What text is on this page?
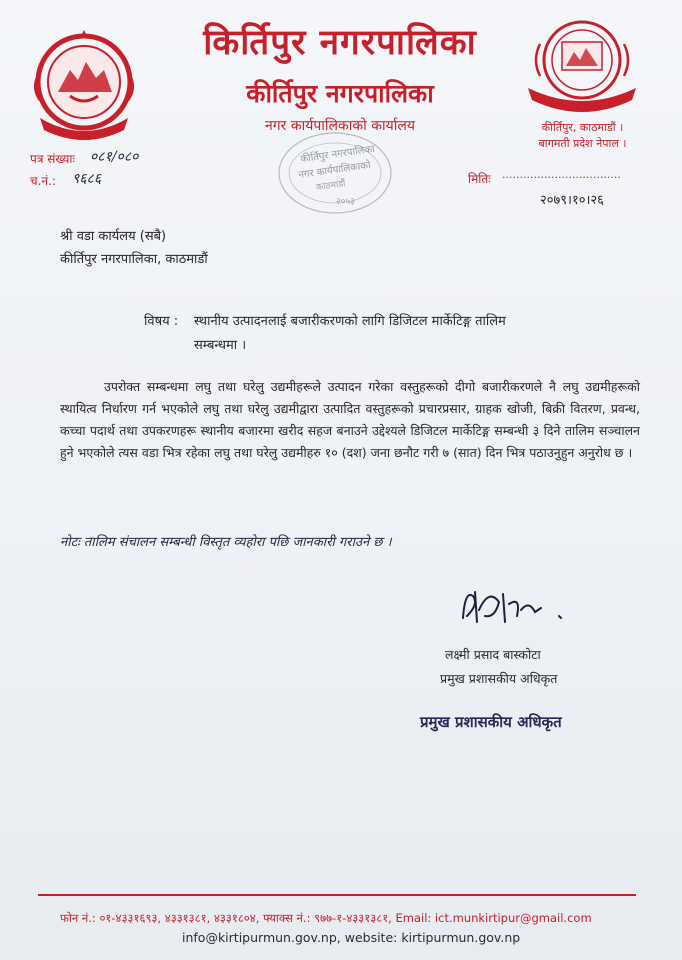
किर्तिपुर नगरपालिका
कीर्तिपुर नगरपालिका
नगर कार्यपालिकाको कार्यालय	कीर्तिपुर, काठमाडौं ।
बागमती प्रदेश नेपाल ।
कीर्तिपुर नगरपालिका
नगर कार्यपालिकाको
काठमाडौं
२०५३
पत्र संख्याः ०८१/०८०
च.नं.: ९६८६	मितिः ..................................
२०७९।१०।२६
श्री वडा कार्यलय (सबै)
कीर्तिपुर नगरपालिका, काठमाडौं
विषय : स्थानीय उत्पादनलाई बजारीकरणको लागि डिजिटल मार्केटिङ्ग तालिम
सम्बन्धमा ।
उपरोक्त सम्बन्धमा लघु तथा घरेलु उद्यमीहरूले उत्पादन गरेका वस्तुहरूको दीगो बजारीकरणले नै लघु उद्यमीहरूको स्थायित्व निर्धारण गर्न भएकोले लघु तथा घरेलु उद्यमीद्वारा उत्पादित वस्तुहरूको प्रचारप्रसार, ग्राहक खोजी, बिक्री वितरण, प्रवन्ध, कच्चा पदार्थ तथा उपकरणहरू स्थानीय बजारमा खरीद सहज बनाउने उद्देश्यले डिजिटल मार्केटिङ्ग सम्बन्धी ३ दिने तालिम सञ्चालन हुने भएकोले त्यस वडा भित्र रहेका लघु तथा घरेलु उद्यमीहरु १० (दश) जना छनौट गरी ७ (सात) दिन भित्र पठाउनुहुन अनुरोध छ ।
नोटः तालिम संचालन सम्बन्धी विस्तृत व्यहोरा पछि जानकारी गराउने छ ।
लक्ष्मी प्रसाद बास्कोटा
प्रमुख प्रशासकीय अधिकृत
प्रमुख प्रशासकीय अधिकृत
फोन नं.: ०१-४३३१६९३, ४३३१३८१, ४३३१८०४, फ्याक्स नं.: ९७७-१-४३३१३८१, Email: ict.munkirtipur@gmail.com
info@kirtipurmun.gov.np, website: kirtipurmun.gov.np
